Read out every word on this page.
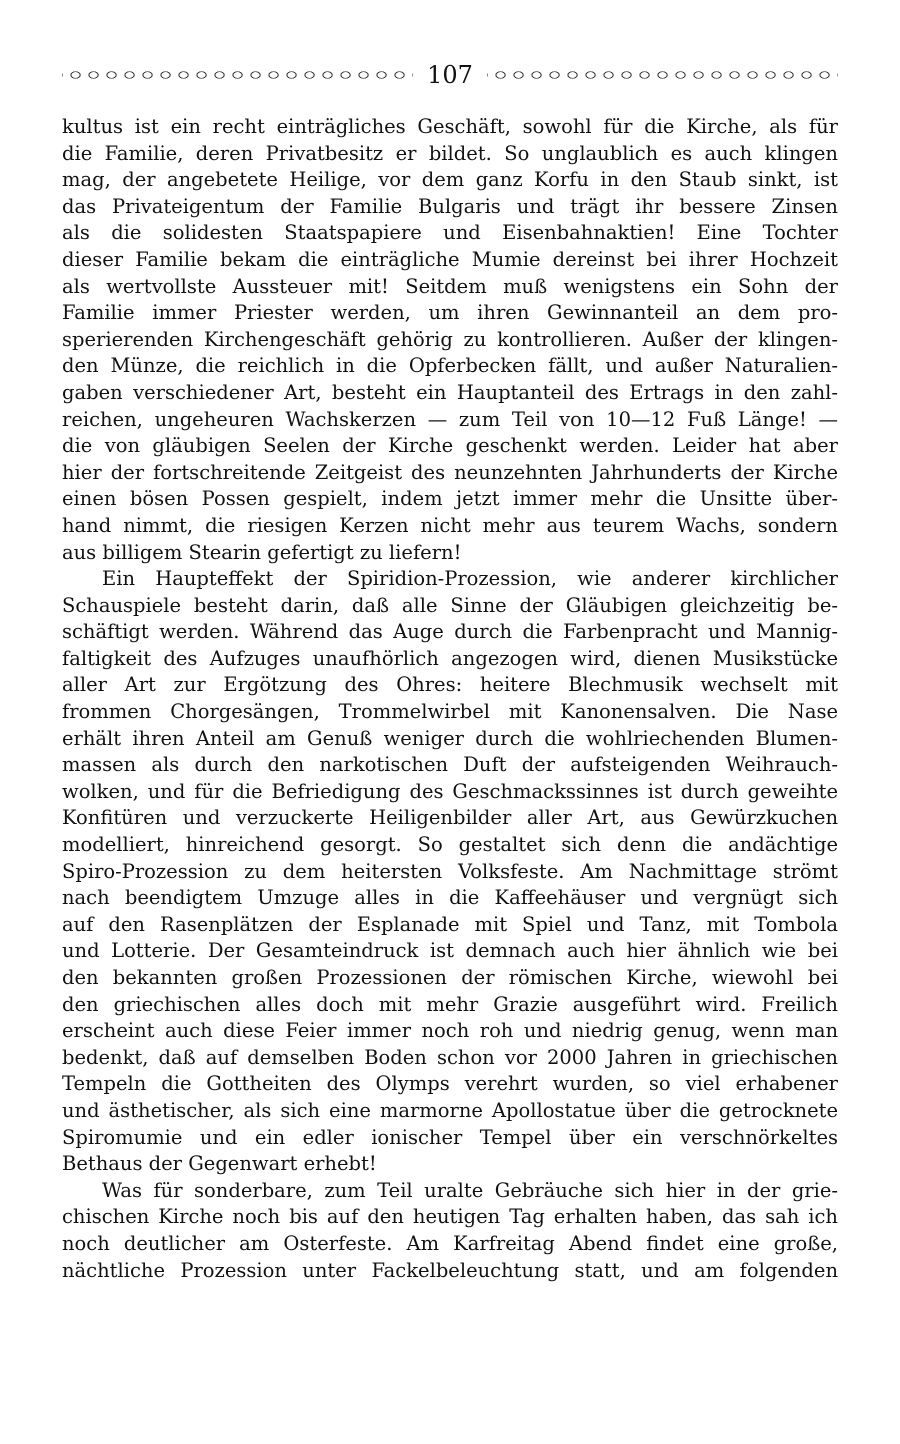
107
kultus ist ein recht einträgliches Geschäft, sowohl für die Kirche, als für
die Familie, deren Privatbesitz er bildet. So unglaublich es auch klingen
mag, der angebetete Heilige, vor dem ganz Korfu in den Staub sinkt, ist
das Privateigentum der Familie Bulgaris und trägt ihr bessere Zinsen
als die solidesten Staatspapiere und Eisenbahnaktien! Eine Tochter
dieser Familie bekam die einträgliche Mumie dereinst bei ihrer Hochzeit
als wertvollste Aussteuer mit! Seitdem muß wenigstens ein Sohn der
Familie immer Priester werden, um ihren Gewinnanteil an dem pro-
sperierenden Kirchengeschäft gehörig zu kontrollieren. Außer der klingen-
den Münze, die reichlich in die Opferbecken fällt, und außer Naturalien-
gaben verschiedener Art, besteht ein Hauptanteil des Ertrags in den zahl-
reichen, ungeheuren Wachskerzen — zum Teil von 10—12 Fuß Länge! —
die von gläubigen Seelen der Kirche geschenkt werden. Leider hat aber
hier der fortschreitende Zeitgeist des neunzehnten Jahrhunderts der Kirche
einen bösen Possen gespielt, indem jetzt immer mehr die Unsitte über-
hand nimmt, die riesigen Kerzen nicht mehr aus teurem Wachs, sondern
aus billigem Stearin gefertigt zu liefern!
Ein Haupteffekt der Spiridion-Prozession, wie anderer kirchlicher
Schauspiele besteht darin, daß alle Sinne der Gläubigen gleichzeitig be-
schäftigt werden. Während das Auge durch die Farbenpracht und Mannig-
faltigkeit des Aufzuges unaufhörlich angezogen wird, dienen Musikstücke
aller Art zur Ergötzung des Ohres: heitere Blechmusik wechselt mit
frommen Chorgesängen, Trommelwirbel mit Kanonensalven. Die Nase
erhält ihren Anteil am Genuß weniger durch die wohlriechenden Blumen-
massen als durch den narkotischen Duft der aufsteigenden Weihrauch-
wolken, und für die Befriedigung des Geschmackssinnes ist durch geweihte
Konfitüren und verzuckerte Heiligenbilder aller Art, aus Gewürzkuchen
modelliert, hinreichend gesorgt. So gestaltet sich denn die andächtige
Spiro-Prozession zu dem heitersten Volksfeste. Am Nachmittage strömt
nach beendigtem Umzuge alles in die Kaffeehäuser und vergnügt sich
auf den Rasenplätzen der Esplanade mit Spiel und Tanz, mit Tombola
und Lotterie. Der Gesamteindruck ist demnach auch hier ähnlich wie bei
den bekannten großen Prozessionen der römischen Kirche, wiewohl bei
den griechischen alles doch mit mehr Grazie ausgeführt wird. Freilich
erscheint auch diese Feier immer noch roh und niedrig genug, wenn man
bedenkt, daß auf demselben Boden schon vor 2000 Jahren in griechischen
Tempeln die Gottheiten des Olymps verehrt wurden, so viel erhabener
und ästhetischer, als sich eine marmorne Apollostatue über die getrocknete
Spiromumie und ein edler ionischer Tempel über ein verschnörkeltes
Bethaus der Gegenwart erhebt!
Was für sonderbare, zum Teil uralte Gebräuche sich hier in der grie-
chischen Kirche noch bis auf den heutigen Tag erhalten haben, das sah ich
noch deutlicher am Osterfeste. Am Karfreitag Abend findet eine große,
nächtliche Prozession unter Fackelbeleuchtung statt, und am folgenden
